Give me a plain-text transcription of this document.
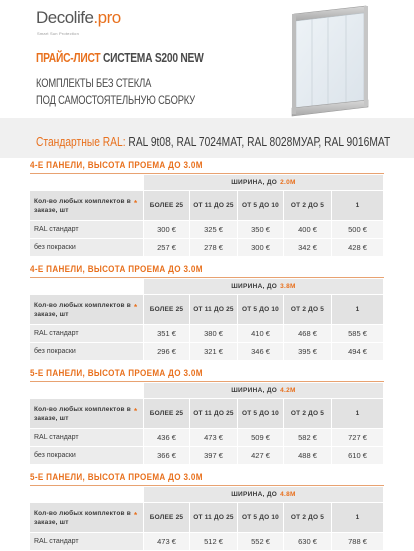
Decolife.pro
Smart Sun Protection
ПРАЙС-ЛИСТ СИСТЕМА S200 NEW
КОМПЛЕКТЫ БЕЗ СТЕКЛА
ПОД САМОСТОЯТЕЛЬНУЮ СБОРКУ
Стандартные RAL: RAL 9t08, RAL 7024MAT, RAL 8028МУАР, RAL 9016MAT
4-Е ПАНЕЛИ, ВЫСОТА ПРОЕМА ДО 3.0М
ШИРИНА, ДО 2.0М
Кол-во любых комплектов в заказе, шт
*	БОЛЕЕ 25	ОТ 11 ДО 25	ОТ 5 ДО 10	ОТ 2 ДО 5	1
RAL стандарт	300 €	325 €	350 €	400 €	500 €
без покраски	257 €	278 €	300 €	342 €	428 €
4-Е ПАНЕЛИ, ВЫСОТА ПРОЕМА ДО 3.0М
ШИРИНА, ДО 3.8М
Кол-во любых комплектов в заказе, шт
*	БОЛЕЕ 25	ОТ 11 ДО 25	ОТ 5 ДО 10	ОТ 2 ДО 5	1
RAL стандарт	351 €	380 €	410 €	468 €	585 €
без покраски	296 €	321 €	346 €	395 €	494 €
5-Е ПАНЕЛИ, ВЫСОТА ПРОЕМА ДО 3.0М
ШИРИНА, ДО 4.2М
Кол-во любых комплектов в заказе, шт
*	БОЛЕЕ 25	ОТ 11 ДО 25	ОТ 5 ДО 10	ОТ 2 ДО 5	1
RAL стандарт	436 €	473 €	509 €	582 €	727 €
без покраски	366 €	397 €	427 €	488 €	610 €
5-Е ПАНЕЛИ, ВЫСОТА ПРОЕМА ДО 3.0М
ШИРИНА, ДО 4.8М
Кол-во любых комплектов в заказе, шт
*	БОЛЕЕ 25	ОТ 11 ДО 25	ОТ 5 ДО 10	ОТ 2 ДО 5	1
RAL стандарт	473 €	512 €	552 €	630 €	788 €
